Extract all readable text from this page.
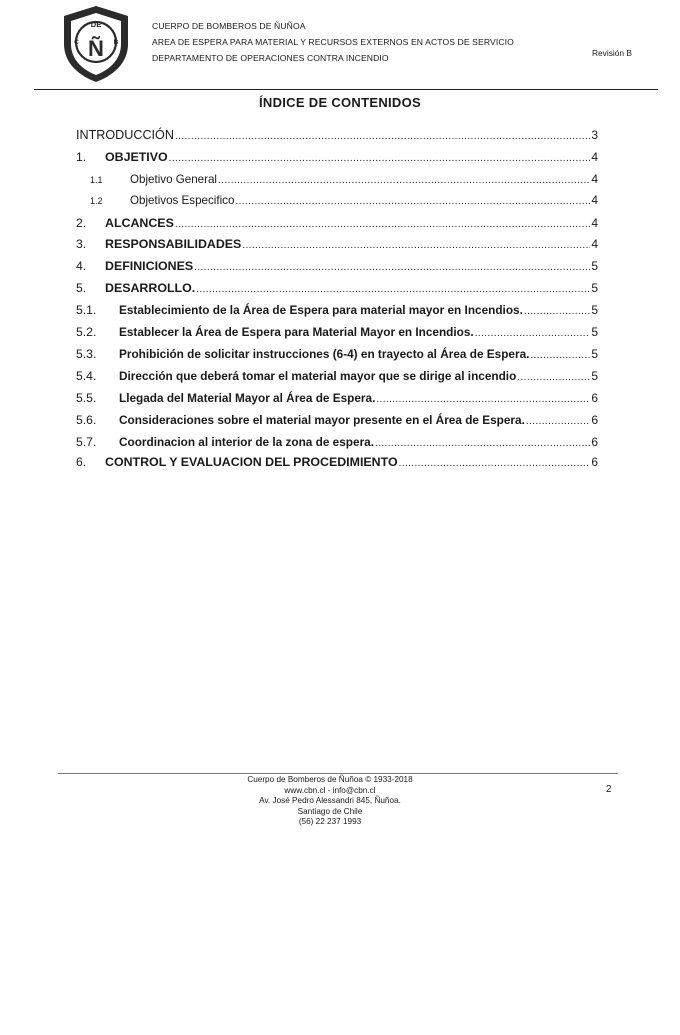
DE
C	B
Ñ
CUERPO DE BOMBEROS DE ÑUÑOA
AREA DE ESPERA PARA MATERIAL Y RECURSOS EXTERNOS EN ACTOS DE SERVICIO
DEPARTAMENTO DE OPERACIONES CONTRA INCENDIO	Revisión B
ÍNDICE DE CONTENIDOS
INTRODUCCIÓN .....	3
1.	OBJETIVO .....	4
1.1	Objetivo General .....	4
1.2	Objetivos Especifico .....	4
2.	ALCANCES .....	4
3.	RESPONSABILIDADES .....	4
4.	DEFINICIONES .....	5
5.	DESARROLLO. .....	5
5.1.	Establecimiento de la Área de Espera para material mayor en Incendios. .....	5
5.2.	Establecer la Área de Espera para Material Mayor en Incendios. .....	5
5.3.	Prohibición de solicitar instrucciones (6-4) en trayecto al Área de Espera. .....	5
5.4.	Dirección que deberá tomar el material mayor que se dirige al incendio .....	5
5.5.	Llegada del Material Mayor al Área de Espera. .....	6
5.6.	Consideraciones sobre el material mayor presente en el Área de Espera. .....	6
5.7.	Coordinacion al interior de la zona de espera. .....	6
6.	CONTROL Y EVALUACION DEL PROCEDIMIENTO .....	6
Cuerpo de Bomberos de Ñuñoa © 1933-2018
www.cbn.cl - info@cbn.cl
Av. José Pedro Alessandri 845, Ñuñoa.
Santiago de Chile
(56) 22 237 1993
2
